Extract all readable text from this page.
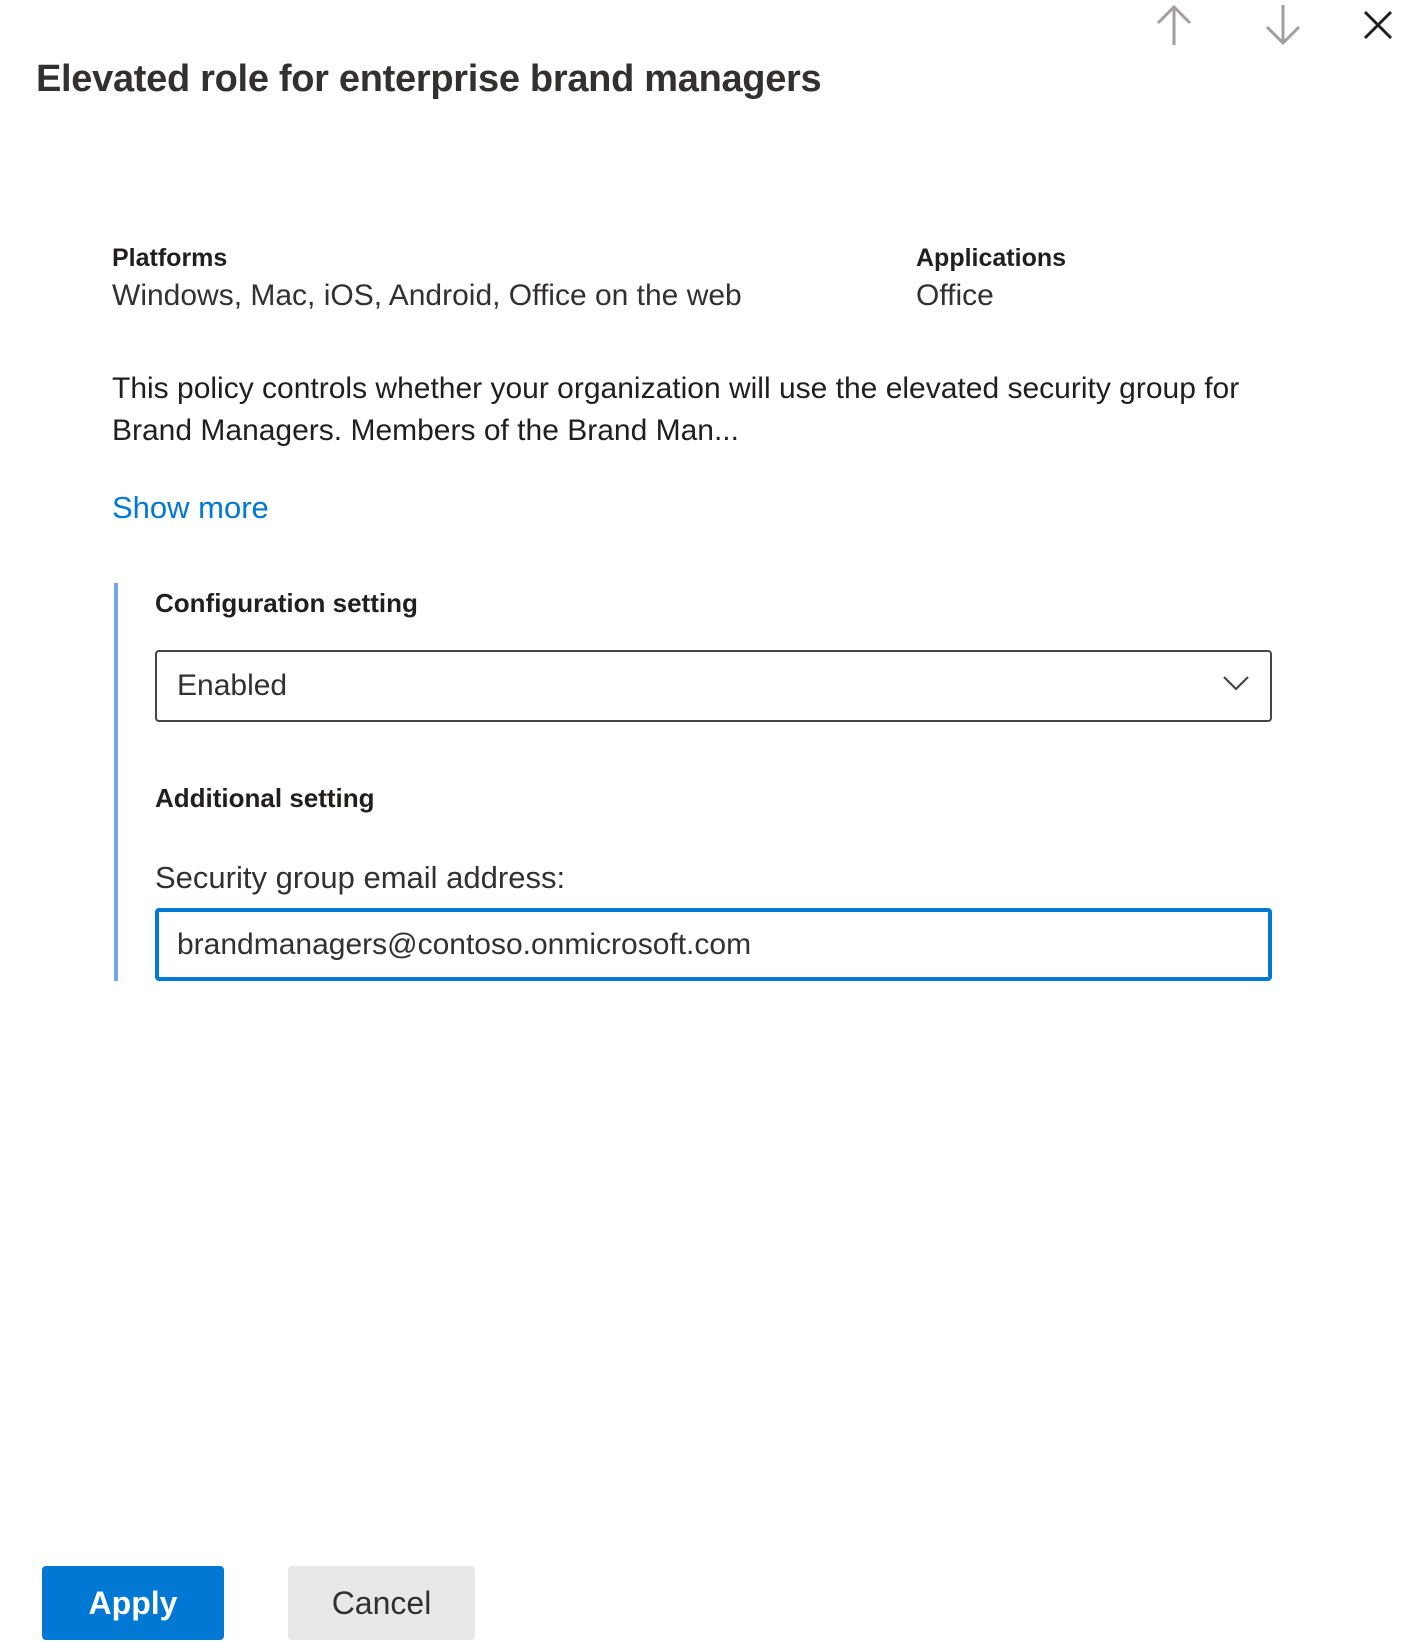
Elevated role for enterprise brand managers
Platforms
Windows, Mac, iOS, Android, Office on the web
Applications
Office
This policy controls whether your organization will use the elevated security group for Brand Managers. Members of the Brand Man...
Show more
Configuration setting
Enabled
Additional setting
Security group email address:
brandmanagers@contoso.onmicrosoft.com
Apply	Cancel
